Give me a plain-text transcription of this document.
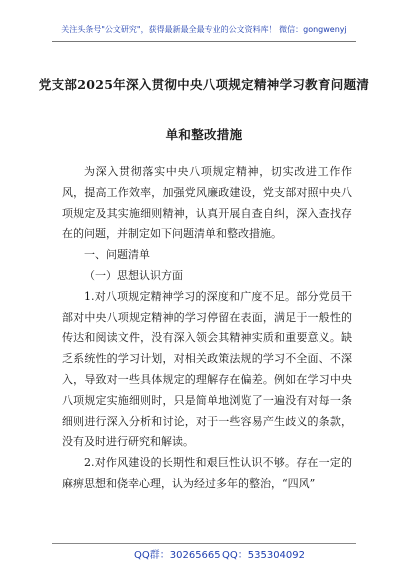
关注头条号"公文研究"，获得最新最全最专业的公文资料库！ 微信：gongwenyj
党支部2025年深入贯彻中央八项规定精神学习教育问题清
单和整改措施

为深入贯彻落实中央八项规定精神，切实改进工作作风，提高工作效率，加强党风廉政建设，党支部对照中央八项规定及其实施细则精神，认真开展自查自纠，深入查找存在的问题，并制定如下问题清单和整改措施。

一、问题清单

（一）思想认识方面

1.对八项规定精神学习的深度和广度不足。部分党员干部对中央八项规定精神的学习停留在表面，满足于一般性的传达和阅读文件，没有深入领会其精神实质和重要意义。缺乏系统性的学习计划，对相关政策法规的学习不全面、不深入，导致对一些具体规定的理解存在偏差。例如在学习中央八项规定实施细则时，只是简单地浏览了一遍没有对每一条细则进行深入分析和讨论，对于一些容易产生歧义的条款，没有及时进行研究和解读。

2.对作风建设的长期性和艰巨性认识不够。存在一定的麻痹思想和侥幸心理，认为经过多年的整治，“四风”

QQ群：30265665 QQ：535304092
